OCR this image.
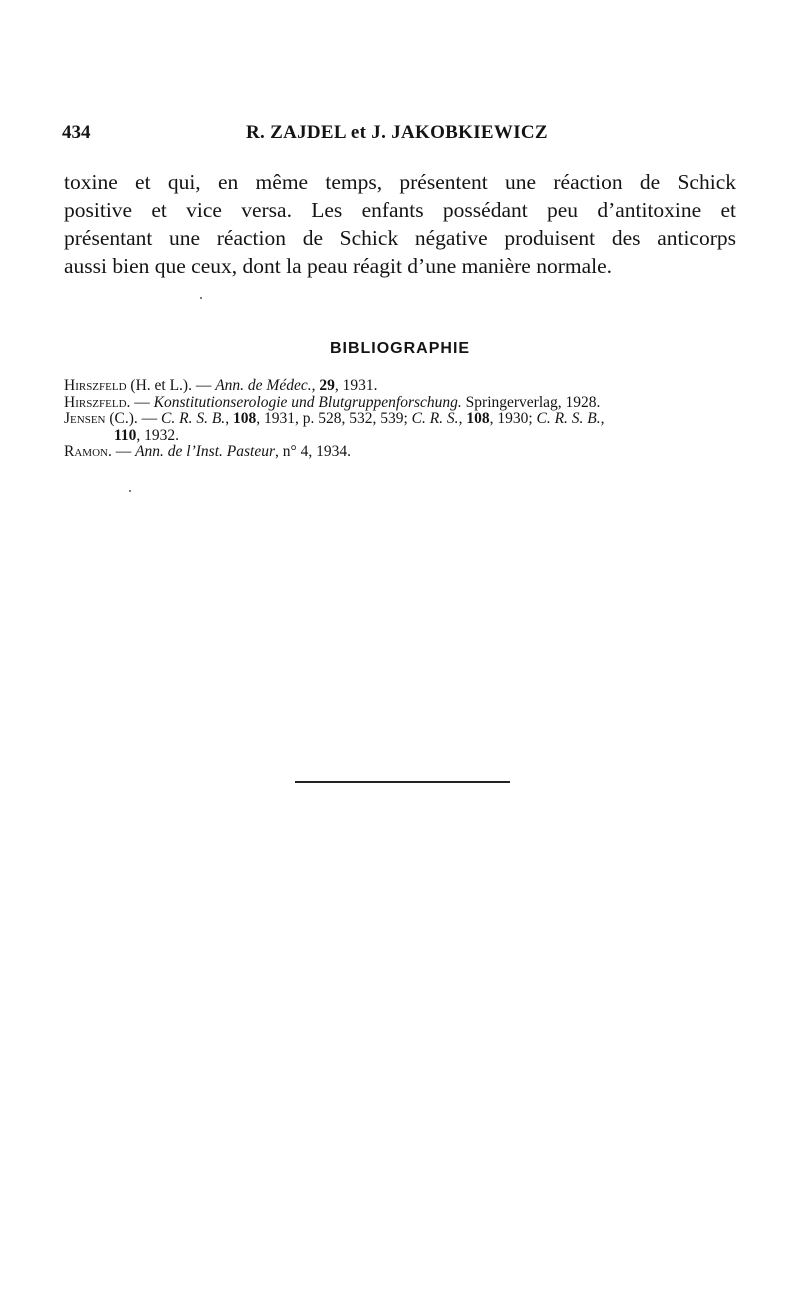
434	R. ZAJDEL et J. JAKOBKIEWICZ
toxine et qui, en même temps, présentent une réaction de Schick
positive et vice versa. Les enfants possédant peu d’antitoxine et
présentant une réaction de Schick négative produisent des anticorps
aussi bien que ceux, dont la peau réagit d’une manière normale.
BIBLIOGRAPHIE
Hirszfeld (H. et L.). — Ann. de Médec., 29, 1931.
Hirszfeld. — Konstitutionserologie und Blutgruppenforschung. Springerverlag, 1928.
Jensen (C.). — C. R. S. B., 108, 1931, p. 528, 532, 539; C. R. S., 108, 1930; C. R. S. B.,
110, 1932.
Ramon. — Ann. de l’Inst. Pasteur, n° 4, 1934.
